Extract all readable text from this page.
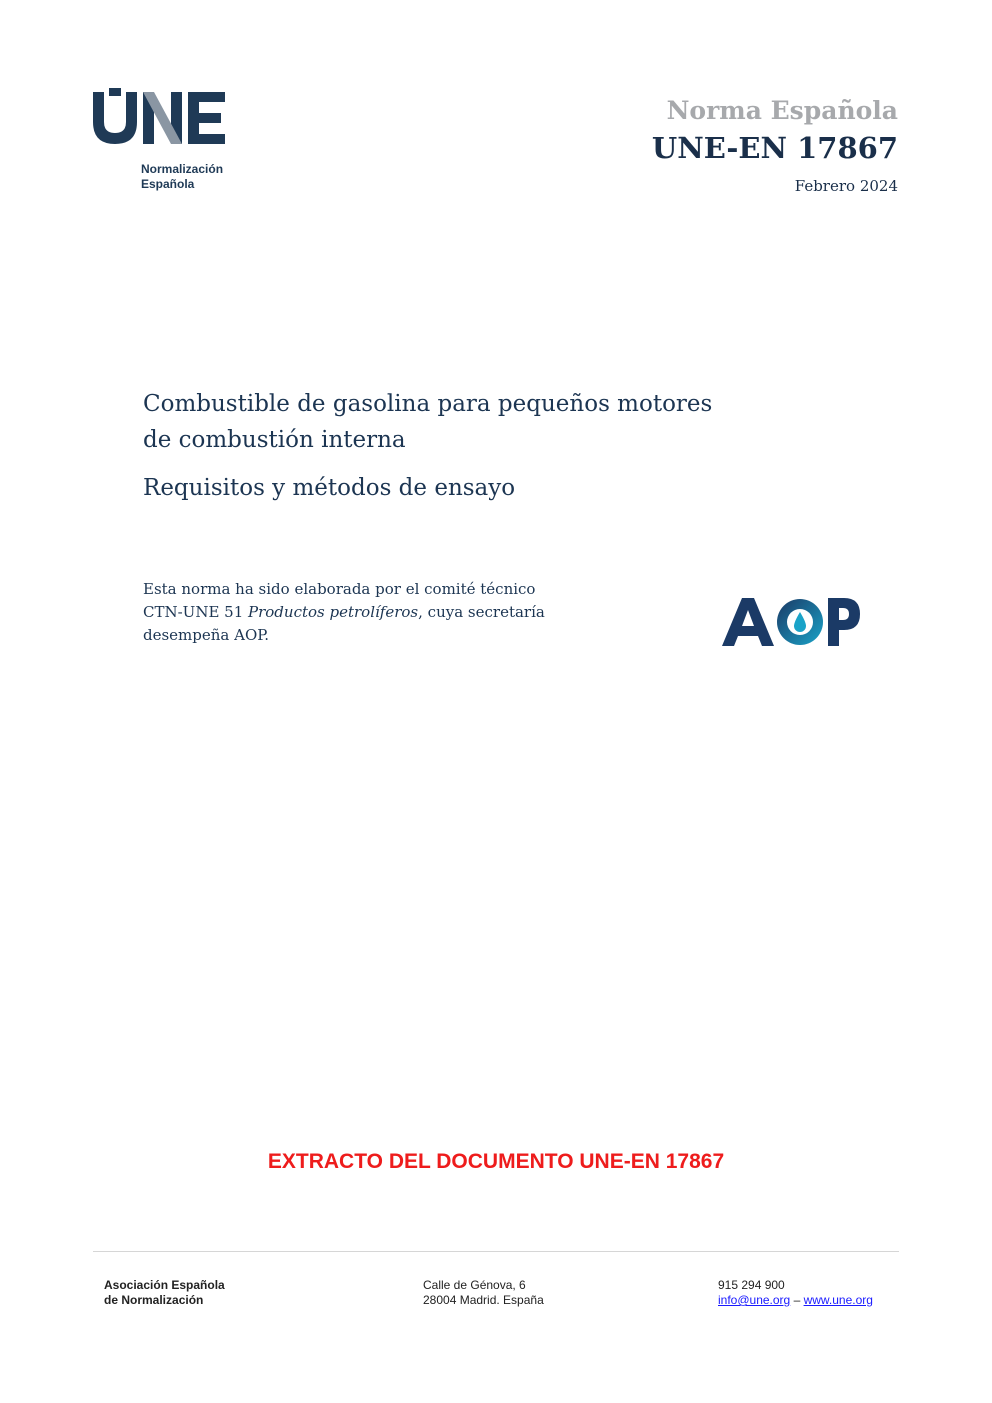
Normalización
Española
Norma Española
UNE-EN 17867
Febrero 2024
Combustible de gasolina para pequeños motores
de combustión interna
Requisitos y métodos de ensayo
Esta norma ha sido elaborada por el comité técnico
CTN-UNE 51 Productos petrolíferos, cuya secretaría
desempeña AOP.
EXTRACTO DEL DOCUMENTO UNE-EN 17867
Asociación Española
de Normalización
Calle de Génova, 6
28004 Madrid. España
915 294 900
info@une.org – www.une.org
